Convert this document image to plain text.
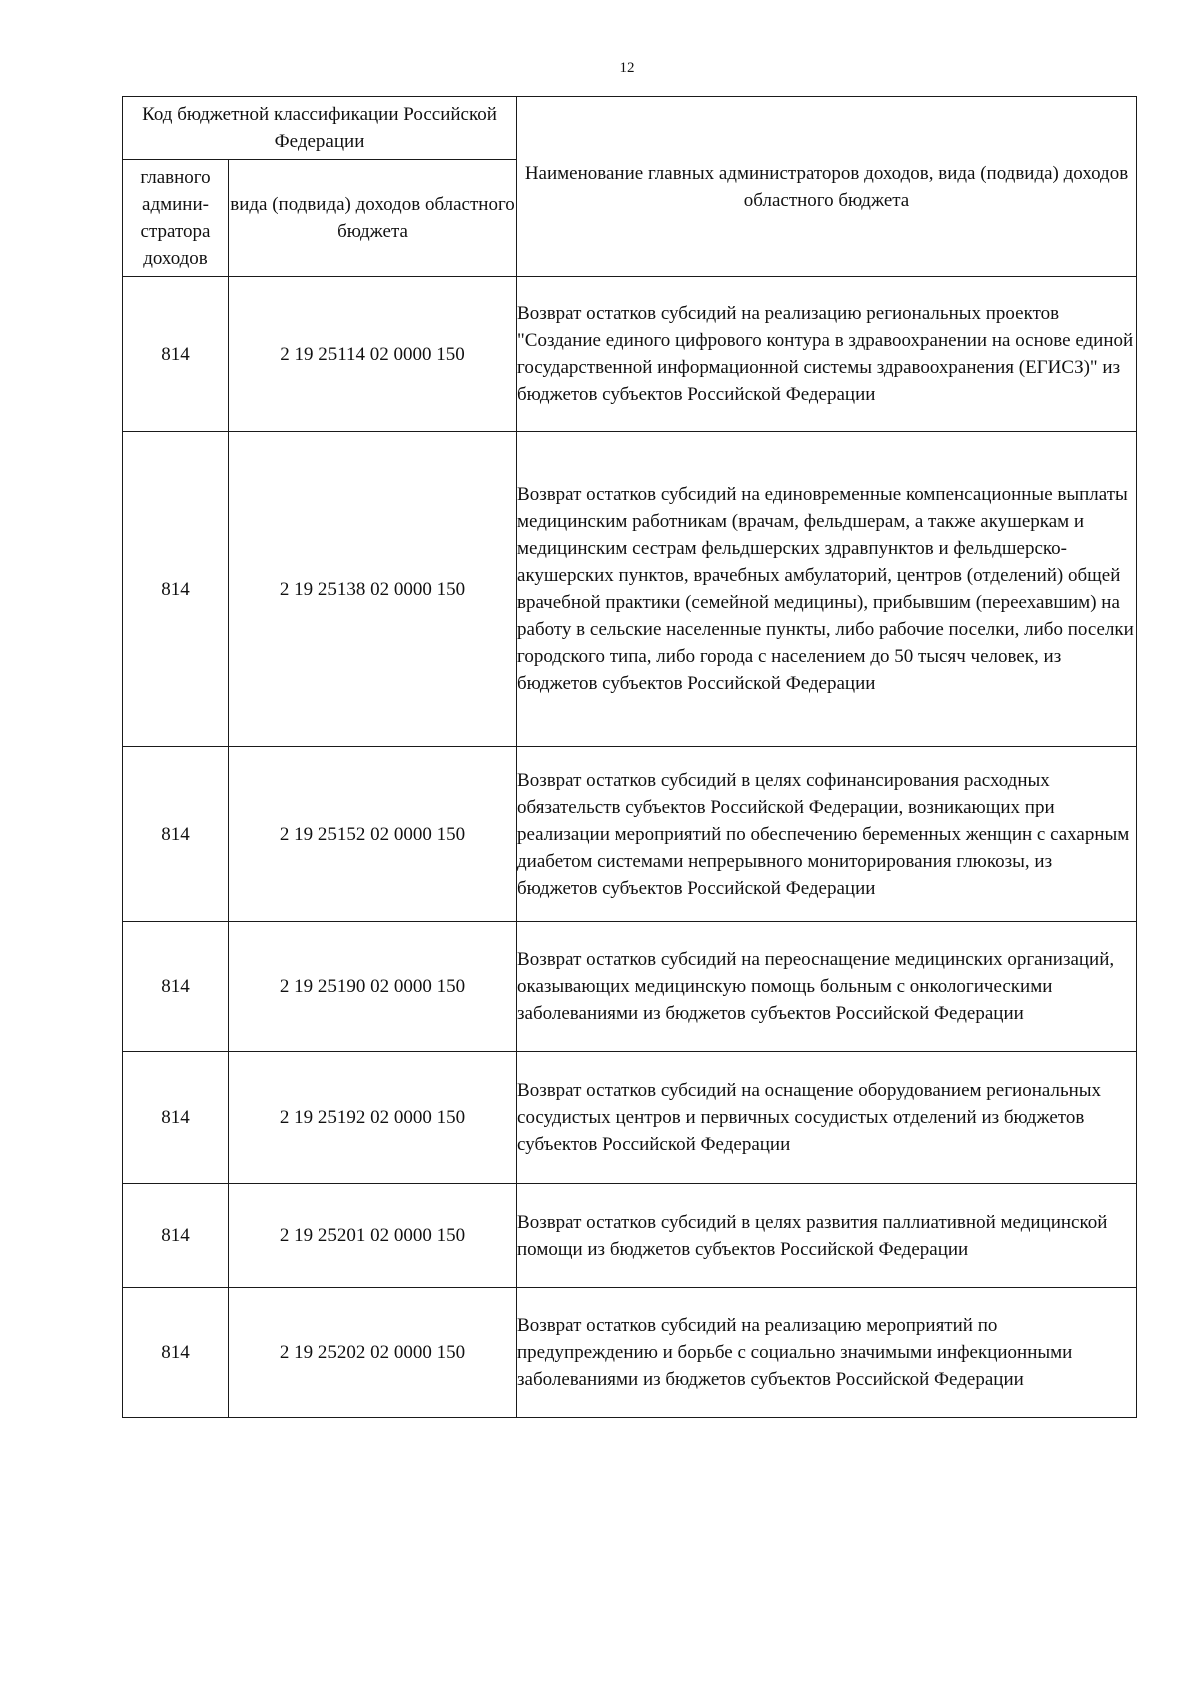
12
Код бюджетной классификации Российской Федерации		Наименование главных администраторов доходов, вида (подвида) доходов областного бюджета
главного админи-стратора доходов	вида (подвида) доходов областного бюджета	
814	2 19 25114 02 0000 150	Возврат остатков субсидий на реализацию региональных проектов "Создание единого цифрового контура в здравоохранении на основе единой государственной информационной системы здравоохранения (ЕГИСЗ)" из бюджетов субъектов Российской Федерации
814	2 19 25138 02 0000 150	Возврат остатков субсидий на единовременные компенсационные выплаты медицинским работникам (врачам, фельдшерам, а также акушеркам и медицинским сестрам фельдшерских здравпунктов и фельдшерско-акушерских пунктов, врачебных амбулаторий, центров (отделений) общей врачебной практики (семейной медицины), прибывшим (переехавшим) на работу в сельские населенные пункты, либо рабочие поселки, либо поселки городского типа, либо города с населением до 50 тысяч человек, из бюджетов субъектов Российской Федерации
814	2 19 25152 02 0000 150	Возврат остатков субсидий в целях софинансирования расходных обязательств субъектов Российской Федерации, возникающих при реализации мероприятий по обеспечению беременных женщин с сахарным диабетом системами непрерывного мониторирования глюкозы, из бюджетов субъектов Российской Федерации
814	2 19 25190 02 0000 150	Возврат остатков субсидий на переоснащение медицинских организаций, оказывающих медицинскую помощь больным с онкологическими заболеваниями из бюджетов субъектов Российской Федерации
814	2 19 25192 02 0000 150	Возврат остатков субсидий на оснащение оборудованием региональных сосудистых центров и первичных сосудистых отделений из бюджетов субъектов Российской Федерации
814	2 19 25201 02 0000 150	Возврат остатков субсидий в целях развития паллиативной медицинской помощи из бюджетов субъектов Российской Федерации
814	2 19 25202 02 0000 150	Возврат остатков субсидий на реализацию мероприятий по предупреждению и борьбе с социально значимыми инфекционными заболеваниями из бюджетов субъектов Российской Федерации
